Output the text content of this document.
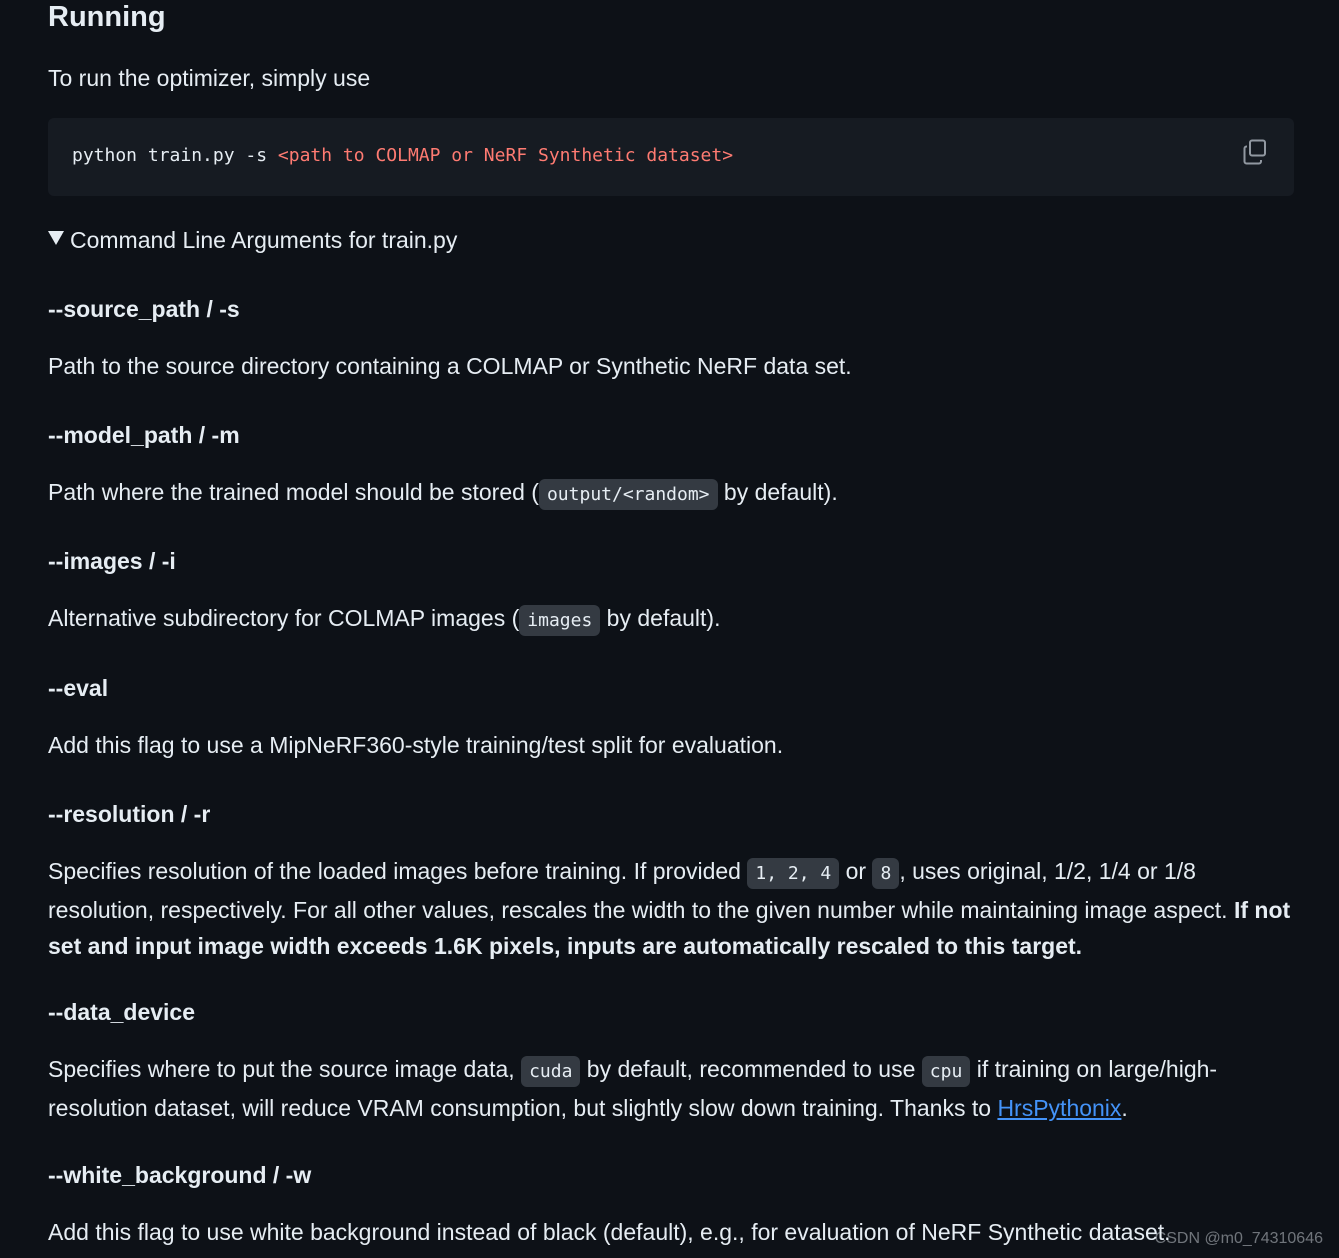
Running

To run the optimizer, simply use

python train.py -s <path to COLMAP or NeRF Synthetic dataset>
Command Line Arguments for train.py

--source_path / -s

Path to the source directory containing a COLMAP or Synthetic NeRF data set.

--model_path / -m

Path where the trained model should be stored ( output/<random> by default).

--images / -i

Alternative subdirectory for COLMAP images ( images by default).

--eval

Add this flag to use a MipNeRF360-style training/test split for evaluation.

--resolution / -r

Specifies resolution of the loaded images before training. If provided 1, 2, 4 or 8 , uses original, 1/2, 1/4 or 1/8 resolution, respectively. For all other values, rescales the width to the given number while maintaining image aspect. If not set and input image width exceeds 1.6K pixels, inputs are automatically rescaled to this target.

--data_device

Specifies where to put the source image data, cuda by default, recommended to use cpu if training on large/high-resolution dataset, will reduce VRAM consumption, but slightly slow down training. Thanks to HrsPythonix.

--white_background / -w

Add this flag to use white background instead of black (default), e.g., for evaluation of NeRF Synthetic dataset.

CSDN @m0_74310646
